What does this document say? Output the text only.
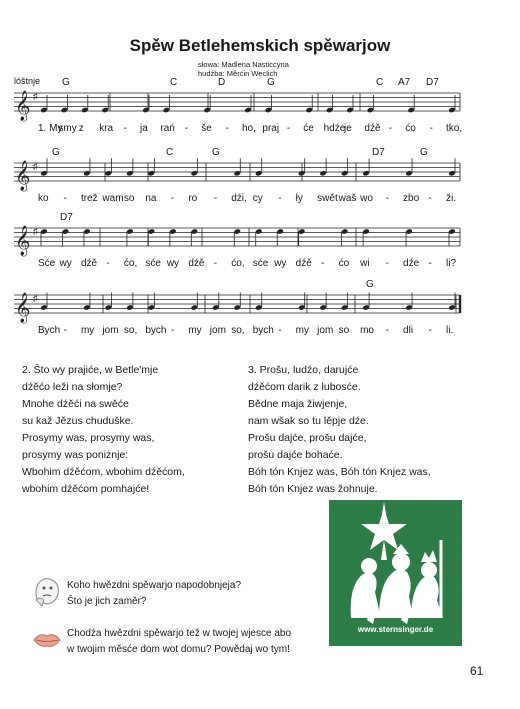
Spěw Betlehemskich spěwarjow
słowa: Madlena Nasticcyna
hudźba: Měrćin Weclich
lóštnje
𝄞 ♯
𝄞 ♯
𝄞 ♯
𝄞 ♯
1. My
smy z kra - ja rań - še - ho, praj - će hdźe
je dźě - ćo - tko,
G	C	D	G	C A7 D7
ko - trež wam so na - ro - dźi, cy - ły swět waš wo - zbo - ži.
G	C	G	D7	G
Sće wy dźě - ćo, sće wy dźě - ćo, sće wy dźě - ćo wi - dźe - li?
D7
Bych - my jom so, bych - my jom so, bych - my jom so mo - dli - li.
G
2. Što wy prajiće, w Betle'mje
dźěćo leži na słomje?
Mnohe dźěći na swěće
su kaž Jězus chuduške.
Prosymy was, prosymy was,
prosymy was poniżnje:
Wbohim dźěćom, wbohim dźěćom,
wbohim dźěćom pomhajće!
3. Prošu, ludźo, darujće
dźěćom darik z lubosće.
Bědne maja žiwjenje,
nam wšak so tu lěpje dźe.
Prošu dajće, prošu dajće,
prošu dajće bohaće.
Bóh tón Knjez was, Bóh tón Knjez was,
Bóh tón Knjez was žohnuje.
www.sternsinger.de
Koho hwězdni spěwarjo napodobnjeja?
Što je jich zaměr?
Chodźa hwězdni spěwarjo tež w twojej wjesce abo
w twojim měsće dom wot domu? Powědaj wo tym!
61
